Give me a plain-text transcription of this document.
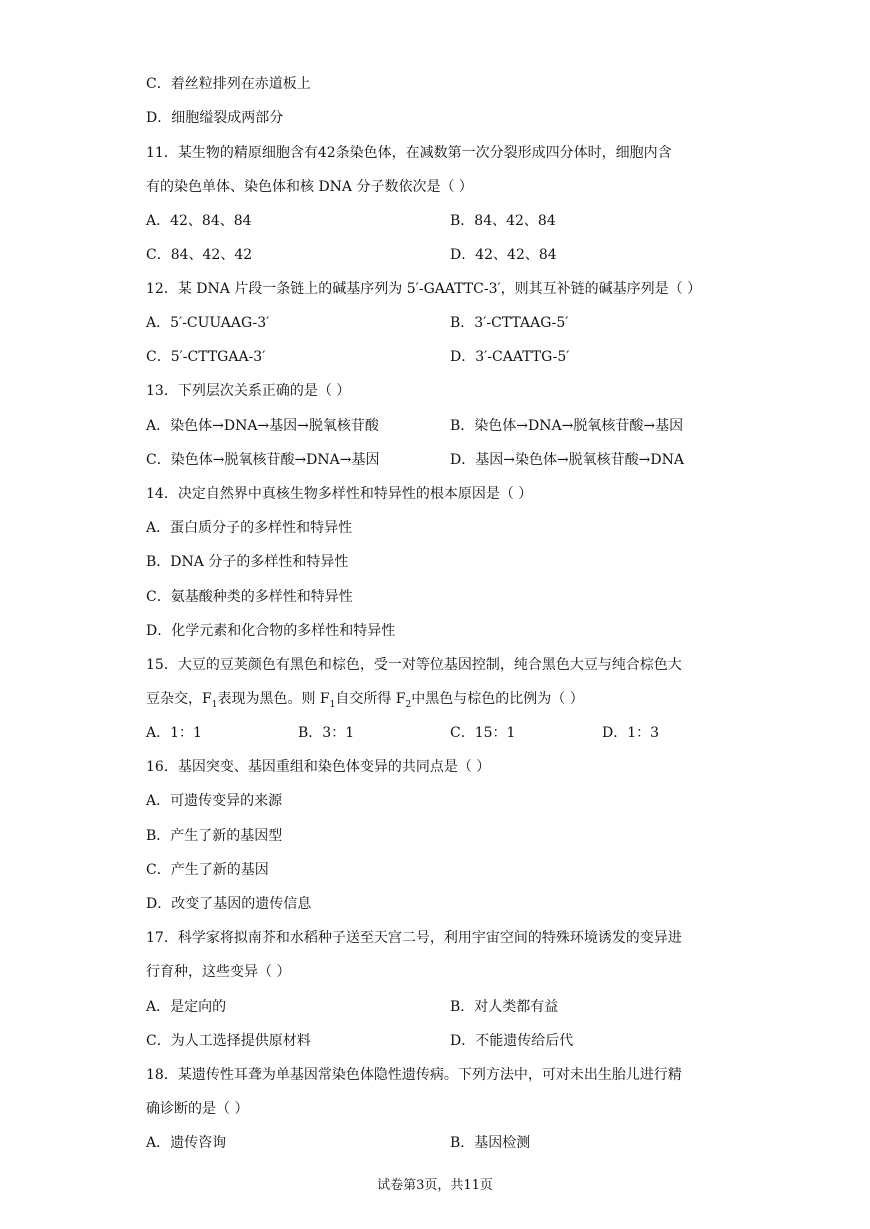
C．着丝粒排列在赤道板上
D．细胞缢裂成两部分
11．某生物的精原细胞含有42条染色体，在减数第一次分裂形成四分体时，细胞内含
有的染色单体、染色体和核 DNA 分子数依次是（ ）
A．42、84、84	B．84、42、84
C．84、42、42	D．42、42、84
12．某 DNA 片段一条链上的碱基序列为 5′-GAATTC-3′，则其互补链的碱基序列是（ ）
A．5′-CUUAAG-3′	B．3′-CTTAAG-5′
C．5′-CTTGAA-3′	D．3′-CAATTG-5′
13．下列层次关系正确的是（ ）
A．染色体→DNA→基因→脱氧核苷酸	B．染色体→DNA→脱氧核苷酸→基因
C．染色体→脱氧核苷酸→DNA→基因	D．基因→染色体→脱氧核苷酸→DNA
14．决定自然界中真核生物多样性和特异性的根本原因是（ ）
A．蛋白质分子的多样性和特异性
B．DNA 分子的多样性和特异性
C．氨基酸种类的多样性和特异性
D．化学元素和化合物的多样性和特异性
15．大豆的豆荚颜色有黑色和棕色，受一对等位基因控制，纯合黑色大豆与纯合棕色大
豆杂交，$F_1$表现为黑色。则 $F_1$自交所得 $F_2$中黑色与棕色的比例为（ ）
A．1：1	B．3：1	C．15：1	D．1：3
16．基因突变、基因重组和染色体变异的共同点是（ ）
A．可遗传变异的来源
B．产生了新的基因型
C．产生了新的基因
D．改变了基因的遗传信息
17．科学家将拟南芥和水稻种子送至天宫二号，利用宇宙空间的特殊环境诱发的变异进
行育种，这些变异（ ）
A．是定向的	B．对人类都有益
C．为人工选择提供原材料	D．不能遗传给后代
18．某遗传性耳聋为单基因常染色体隐性遗传病。下列方法中，可对未出生胎儿进行精
确诊断的是（ ）
A．遗传咨询	B．基因检测
试卷第3页，共11页
